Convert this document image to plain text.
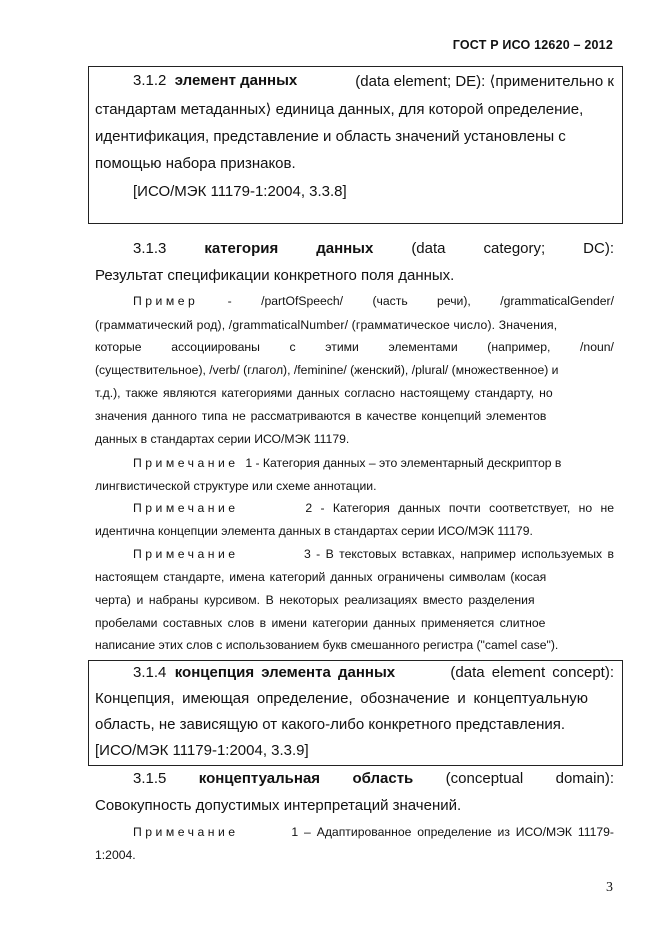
ГОСТ Р ИСО 12620 – 2012
3.1.2 элемент данных	(data element; DE): ⟨применительно к
стандартам метаданных⟩ единица данных, для которой определение,
идентификация, представление и область значений установлены с
помощью набора признаков.
[ИСО/МЭК 11179-1:2004, 3.3.8]
3.1.3	категория	данных	(data	category;	DC):
Результат спецификации конкретного поля данных.
Пример - /partOfSpeech/ (часть речи), /grammaticalGender/
(грамматический род), /grammaticalNumber/ (грамматическое число). Значения,
которые ассоциированы с этими элементами (например, /noun/
(существительное), /verb/ (глагол), /feminine/ (женский), /plural/ (множественное) и
т.д.), также являются категориями данных согласно настоящему стандарту, но
значения данного типа не рассматриваются в качестве концепций элементов
данных в стандартах серии ИСО/МЭК 11179.
Примечание 1 - Категория данных – это элементарный дескриптор в
лингвистической структуре или схеме аннотации.
Примечание	2 - Категория данных почти соответствует, но не
идентична концепции элемента данных в стандартах серии ИСО/МЭК 11179.
Примечание	3 - В текстовых вставках, например используемых в
настоящем стандарте, имена категорий данных ограничены символам (косая
черта) и набраны курсивом. В некоторых реализациях вместо разделения
пробелами составных слов в имени категории данных применяется слитное
написание этих слов с использованием букв смешанного регистра ("camel case").
3.1.4 концепция элемента данных	(data element concept):
Концепция, имеющая определение, обозначение и концептуальную
область, не зависящую от какого-либо конкретного представления.
[ИСО/МЭК 11179-1:2004, 3.3.9]
3.1.5 концептуальная область (conceptual domain):
Совокупность допустимых интерпретаций значений.
Примечание	1 – Адаптированное определение из ИСО/МЭК 11179-
1:2004.
3
